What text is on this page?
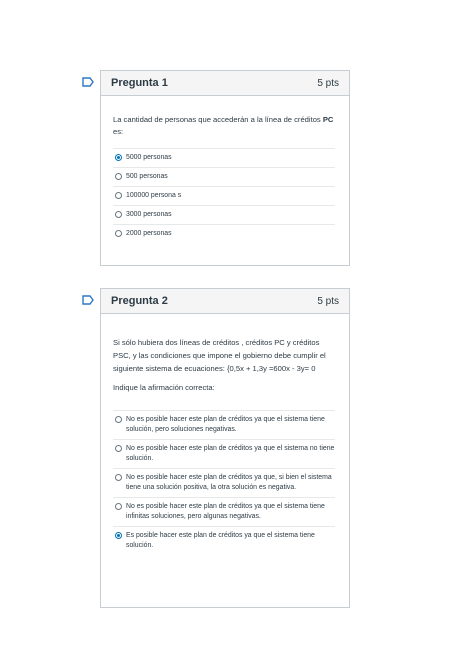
Pregunta 1	5 pts

La cantidad de personas que accederán a la línea de créditos PC es:

5000 personas
500 personas
100000 persona s
3000 personas
2000 personas
Pregunta 2	5 pts

Si sólo hubiera dos líneas de créditos , créditos PC y créditos PSC, y las condiciones que impone el gobierno debe cumplir el siguiente sistema de ecuaciones: {0,5x + 1,3y =600x - 3y= 0

Indique la afirmación correcta:

No es posible hacer este plan de créditos ya que el sistema tiene solución, pero soluciones negativas.
No es posible hacer este plan de créditos ya que el sistema no tiene solución.
No es posible hacer este plan de créditos ya que, si bien el sistema tiene una solución positiva, la otra solución es negativa.
No es posible hacer este plan de créditos ya que el sistema tiene infinitas soluciones, pero algunas negativas.
Es posible hacer este plan de créditos ya que el sistema tiene solución.
